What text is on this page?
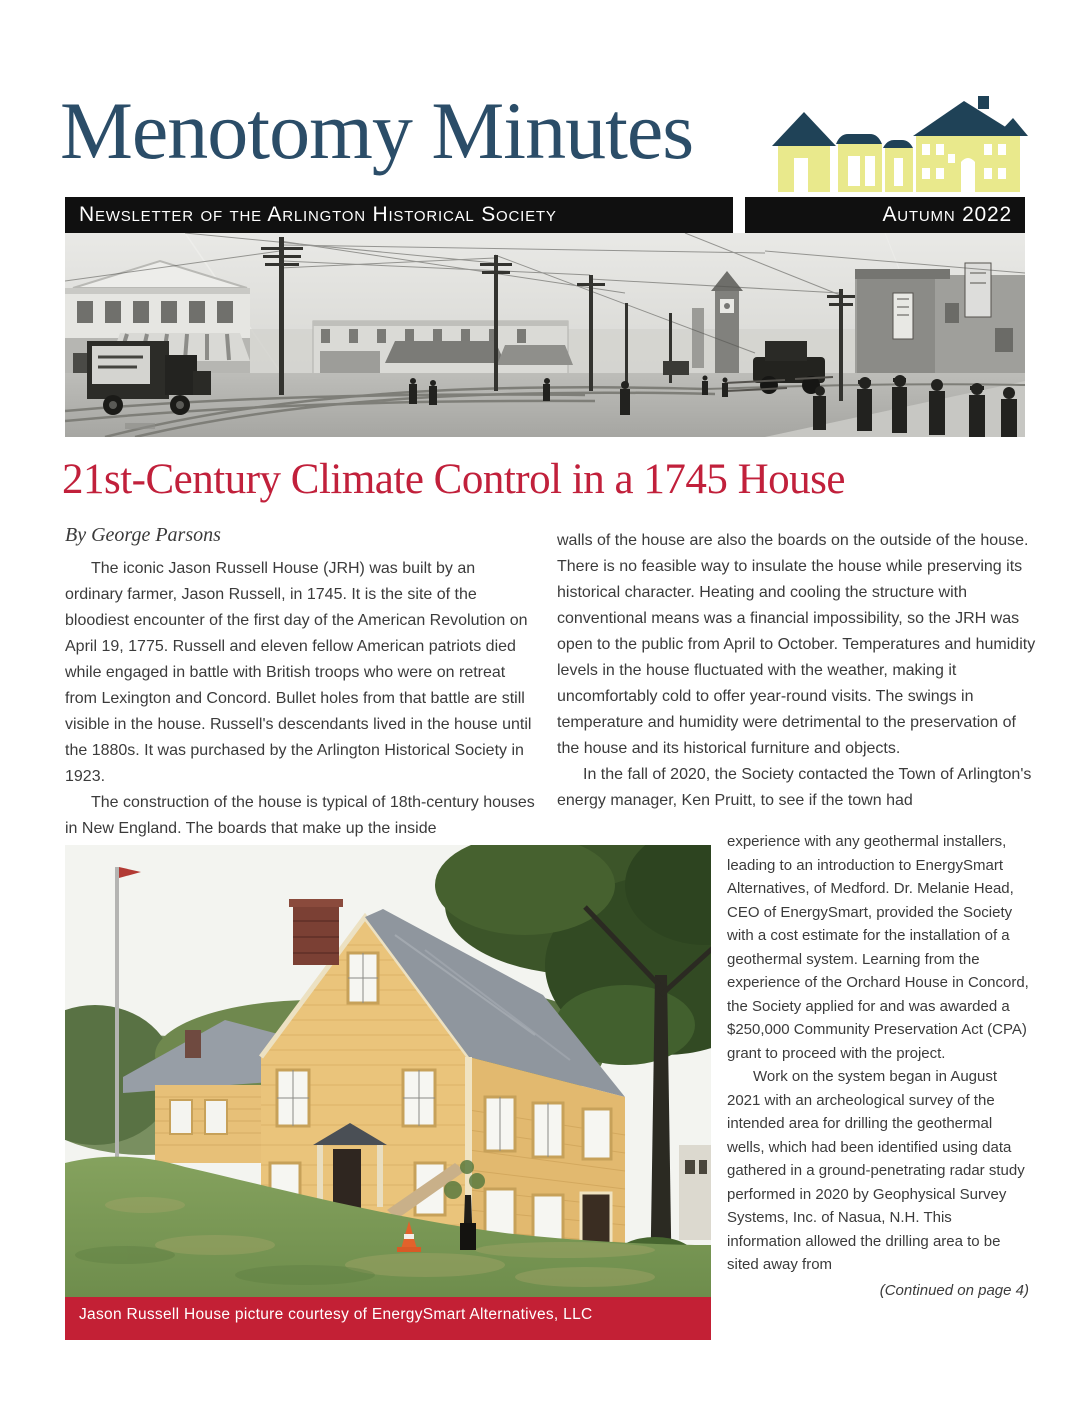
Menotomy Minutes
Newsletter of the Arlington Historical Society	Autumn 2022
21st-Century Climate Control in a 1745 House
By George Parsons

The iconic Jason Russell House (JRH) was built by an ordinary farmer, Jason Russell, in 1745. It is the site of the bloodiest encounter of the first day of the American Revolution on April 19, 1775. Russell and eleven fellow American patriots died while engaged in battle with British troops who were on retreat from Lexington and Concord. Bullet holes from that battle are still visible in the house. Russell's descendants lived in the house until the 1880s. It was purchased by the Arlington Historical Society in 1923.

The construction of the house is typical of 18th-century houses in New England. The boards that make up the inside

walls of the house are also the boards on the outside of the house. There is no feasible way to insulate the house while preserving its historical character. Heating and cooling the structure with conventional means was a financial impossibility, so the JRH was open to the public from April to October. Temperatures and humidity levels in the house fluctuated with the weather, making it uncomfortably cold to offer year-round visits. The swings in temperature and humidity were detrimental to the preservation of the house and its historical furniture and objects.

In the fall of 2020, the Society contacted the Town of Arlington's energy manager, Ken Pruitt, to see if the town had

experience with any geothermal installers, leading to an introduction to EnergySmart Alternatives, of Medford. Dr. Melanie Head, CEO of EnergySmart, provided the Society with a cost estimate for the installation of a geothermal system. Learning from the experience of the Orchard House in Concord, the Society applied for and was awarded a $250,000 Community Preservation Act (CPA) grant to proceed with the project.

Work on the system began in August 2021 with an archeological survey of the intended area for drilling the geothermal wells, which had been identified using data gathered in a ground-penetrating radar study performed in 2020 by Geophysical Survey Systems, Inc. of Nasua, N.H. This information allowed the drilling area to be sited away from

(Continued on page 4)

Jason Russell House picture courtesy of EnergySmart Alternatives, LLC
